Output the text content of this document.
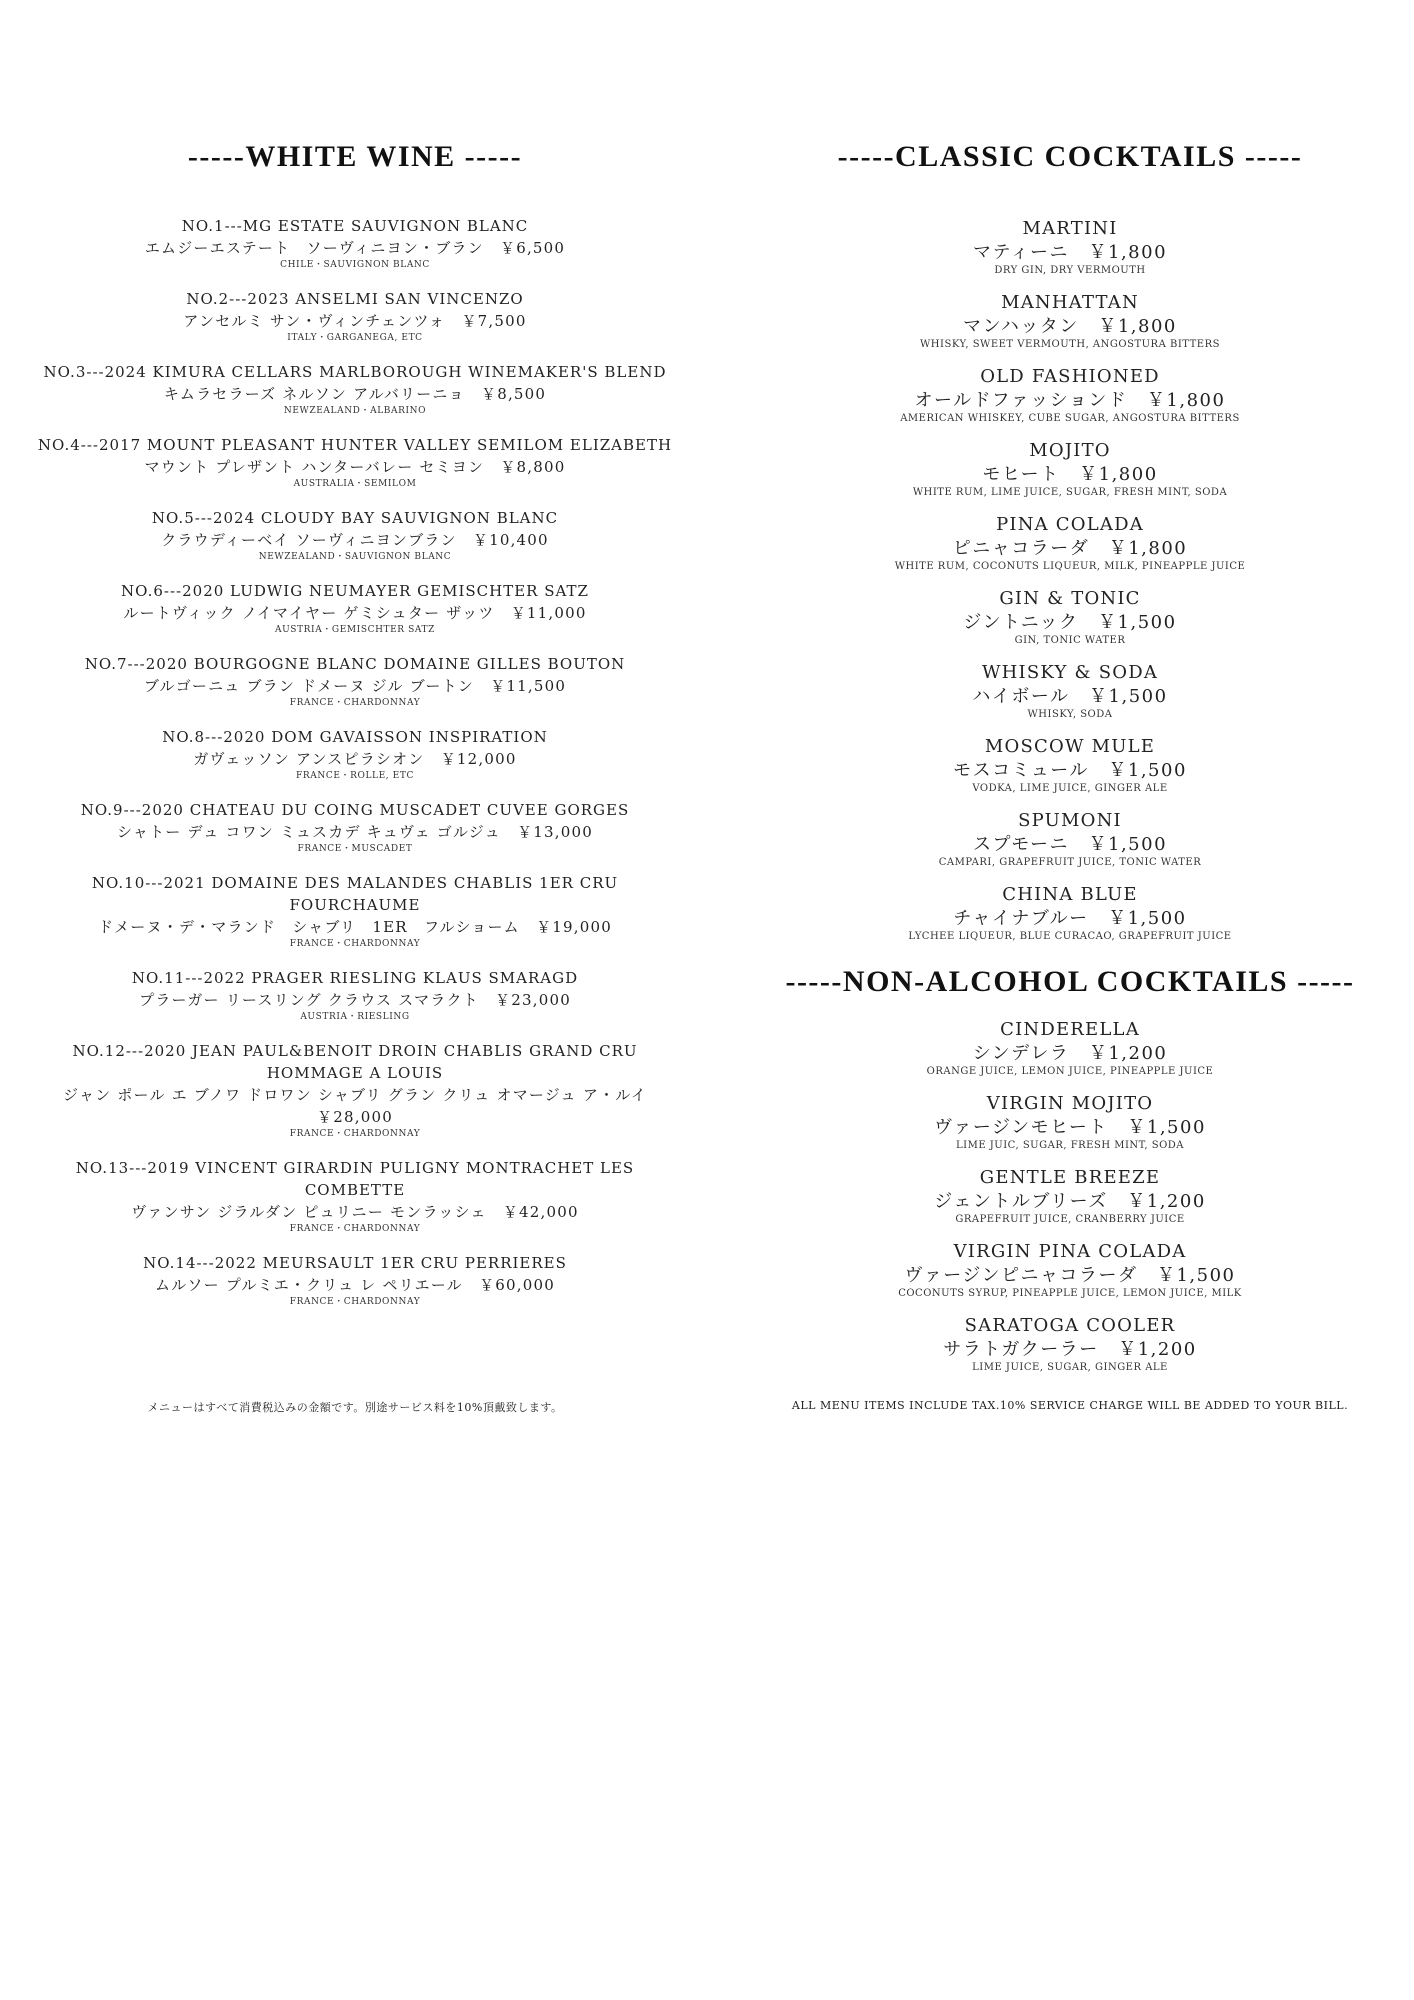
-----WHITE WINE -----
NO.1---MG ESTATE SAUVIGNON BLANC
エムジーエステート　ソーヴィニヨン・ブラン　￥6,500
CHILE・SAUVIGNON BLANC
NO.2---2023 ANSELMI SAN VINCENZO
アンセルミ サン・ヴィンチェンツォ　￥7,500
ITALY・GARGANEGA, ETC
NO.3---2024 KIMURA CELLARS MARLBOROUGH WINEMAKER'S BLEND
キムラセラーズ ネルソン アルバリーニョ　￥8,500
NEWZEALAND・ALBARINO
NO.4---2017 MOUNT PLEASANT HUNTER VALLEY SEMILOM ELIZABETH
マウント プレザント ハンターバレー セミヨン　￥8,800
AUSTRALIA・SEMILOM
NO.5---2024 CLOUDY BAY SAUVIGNON BLANC
クラウディーベイ ソーヴィニヨンブラン　￥10,400
NEWZEALAND・SAUVIGNON BLANC
NO.6---2020 LUDWIG NEUMAYER GEMISCHTER SATZ
ルートヴィック ノイマイヤー ゲミシュター ザッツ　￥11,000
AUSTRIA・GEMISCHTER SATZ
NO.7---2020 BOURGOGNE BLANC DOMAINE GILLES BOUTON
ブルゴーニュ ブラン ドメーヌ ジル ブートン　￥11,500
FRANCE・CHARDONNAY
NO.8---2020 DOM GAVAISSON INSPIRATION
ガヴェッソン アンスピラシオン　￥12,000
FRANCE・ROLLE, ETC
NO.9---2020 CHATEAU DU COING MUSCADET CUVEE GORGES
シャトー デュ コワン ミュスカデ キュヴェ ゴルジュ　￥13,000
FRANCE・MUSCADET
NO.10---2021 DOMAINE DES MALANDES CHABLIS 1ER CRU FOURCHAUME
ドメーヌ・デ・マランド　シャブリ　1ER　フルショーム　￥19,000
FRANCE・CHARDONNAY
NO.11---2022 PRAGER RIESLING KLAUS SMARAGD
プラーガー リースリング クラウス スマラクト　￥23,000
AUSTRIA・RIESLING
NO.12---2020 JEAN PAUL&BENOIT DROIN CHABLIS GRAND CRU
HOMMAGE A LOUIS
ジャン ポール エ ブノワ ドロワン シャブリ グラン クリュ オマージュ ア・ルイ
￥28,000
FRANCE・CHARDONNAY
NO.13---2019 VINCENT GIRARDIN PULIGNY MONTRACHET LES COMBETTE
ヴァンサン ジラルダン ピュリニー モンラッシェ　￥42,000
FRANCE・CHARDONNAY
NO.14---2022 MEURSAULT 1ER CRU PERRIERES
ムルソー プルミエ・クリュ レ ペリエール　￥60,000
FRANCE・CHARDONNAY
メニューはすべて消費税込みの金額です。別途サービス料を10%頂戴致します。
-----CLASSIC COCKTAILS -----
MARTINI
マティーニ　￥1,800
DRY GIN, DRY VERMOUTH
MANHATTAN
マンハッタン　￥1,800
WHISKY, SWEET VERMOUTH, ANGOSTURA BITTERS
OLD FASHIONED
オールドファッションド　￥1,800
AMERICAN WHISKEY, CUBE SUGAR, ANGOSTURA BITTERS
MOJITO
モヒート　￥1,800
WHITE RUM, LIME JUICE, SUGAR, FRESH MINT, SODA
PINA COLADA
ピニャコラーダ　￥1,800
WHITE RUM, COCONUTS LIQUEUR, MILK, PINEAPPLE JUICE
GIN & TONIC
ジントニック　￥1,500
GIN, TONIC WATER
WHISKY & SODA
ハイボール　￥1,500
WHISKY, SODA
MOSCOW MULE
モスコミュール　￥1,500
VODKA, LIME JUICE, GINGER ALE
SPUMONI
スプモーニ　￥1,500
CAMPARI, GRAPEFRUIT JUICE, TONIC WATER
CHINA BLUE
チャイナブルー　￥1,500
LYCHEE LIQUEUR, BLUE CURACAO, GRAPEFRUIT JUICE
-----NON-ALCOHOL COCKTAILS -----
CINDERELLA
シンデレラ　￥1,200
ORANGE JUICE, LEMON JUICE, PINEAPPLE JUICE
VIRGIN MOJITO
ヴァージンモヒート　￥1,500
LIME JUIC, SUGAR, FRESH MINT, SODA
GENTLE BREEZE
ジェントルブリーズ　￥1,200
GRAPEFRUIT JUICE, CRANBERRY JUICE
VIRGIN PINA COLADA
ヴァージンピニャコラーダ　￥1,500
COCONUTS SYRUP, PINEAPPLE JUICE, LEMON JUICE, MILK
SARATOGA COOLER
サラトガクーラー　￥1,200
LIME JUICE, SUGAR, GINGER ALE
ALL MENU ITEMS INCLUDE TAX.10% SERVICE CHARGE WILL BE ADDED TO YOUR BILL.
